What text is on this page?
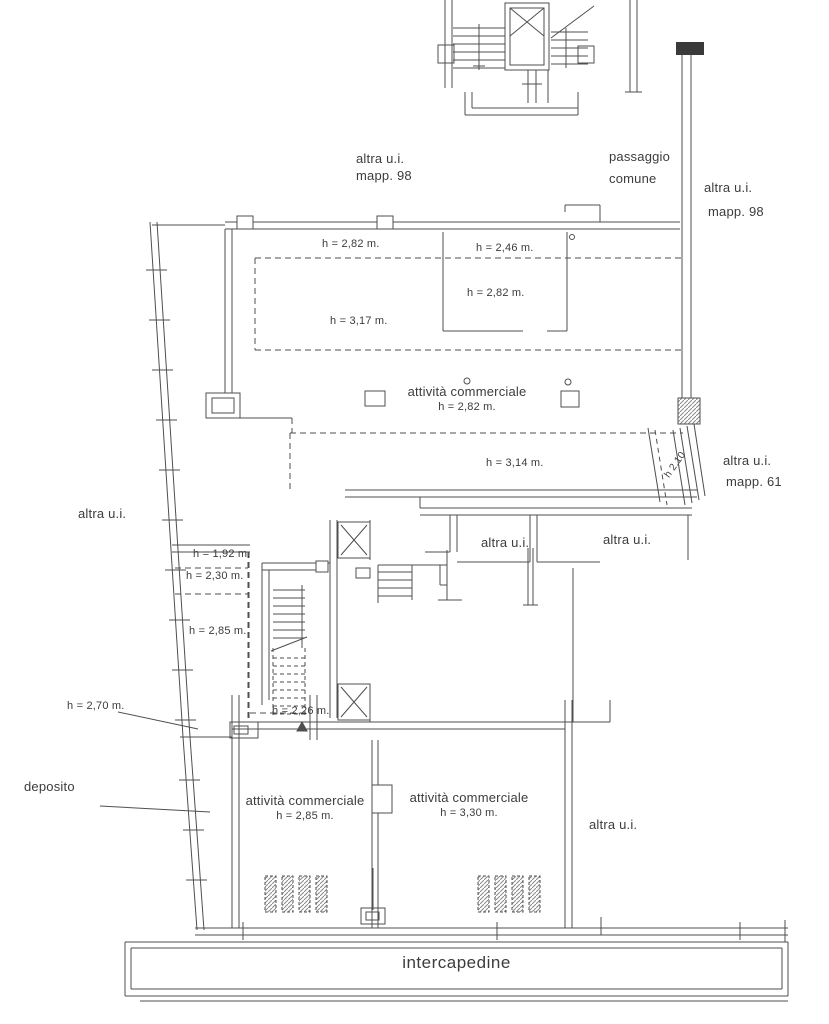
altra u.i.
mapp. 98
passaggio
comune
altra u.i.
mapp. 98
h = 2,82 m.	h = 2,46 m.
h = 2,82 m.
h = 3,17 m.
attività commerciale
h = 2,82 m.
h = 3,14 m.	h 2,10	altra u.i.
mapp. 61
altra u.i.
h = 1,92 m.
h = 2,30 m.
altra u.i.	altra u.i.
h = 2,85 m.
h = 2,70 m.	h = 2,26 m.
deposito
attività commerciale
h = 2,85 m.
attività commerciale
h = 3,30 m.
altra u.i.
intercapedine
